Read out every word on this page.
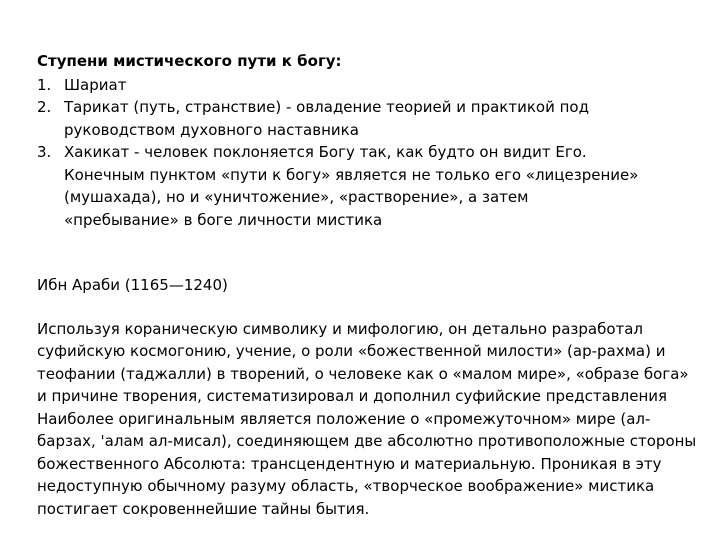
Ступени мистического пути к богу:
1. Шариат
2. Тарикат (путь, странствие) - овладение теорией и практикой под руководством духовного наставника
3. Хакикат - человек поклоняется Богу так, как будто он видит Его. Конечным пунктом «пути к богу» является не только его «лицезрение» (мушахада), но и «уничтожение», «растворение», а затем «пребывание» в боге личности мистика

Ибн Араби (1165—1240)

Используя кораническую символику и мифологию, он детально разработал суфийскую космогонию, учение, о роли «божественной милости» (ар-рахма) и теофании (таджалли) в творений, о человеке как о «малом мире», «образе бога» и причине творения, систематизировал и дополнил суфийские представления Наиболее оригинальным является положение о «промежуточном» мире (ал-барзах, 'алам ал-мисал), соединяющем две абсолютно противоположные стороны божественного Абсолюта: трансцендентную и материальную. Проникая в эту недоступную обычному разуму область, «творческое воображение» мистика постигает сокровеннейшие тайны бытия.
